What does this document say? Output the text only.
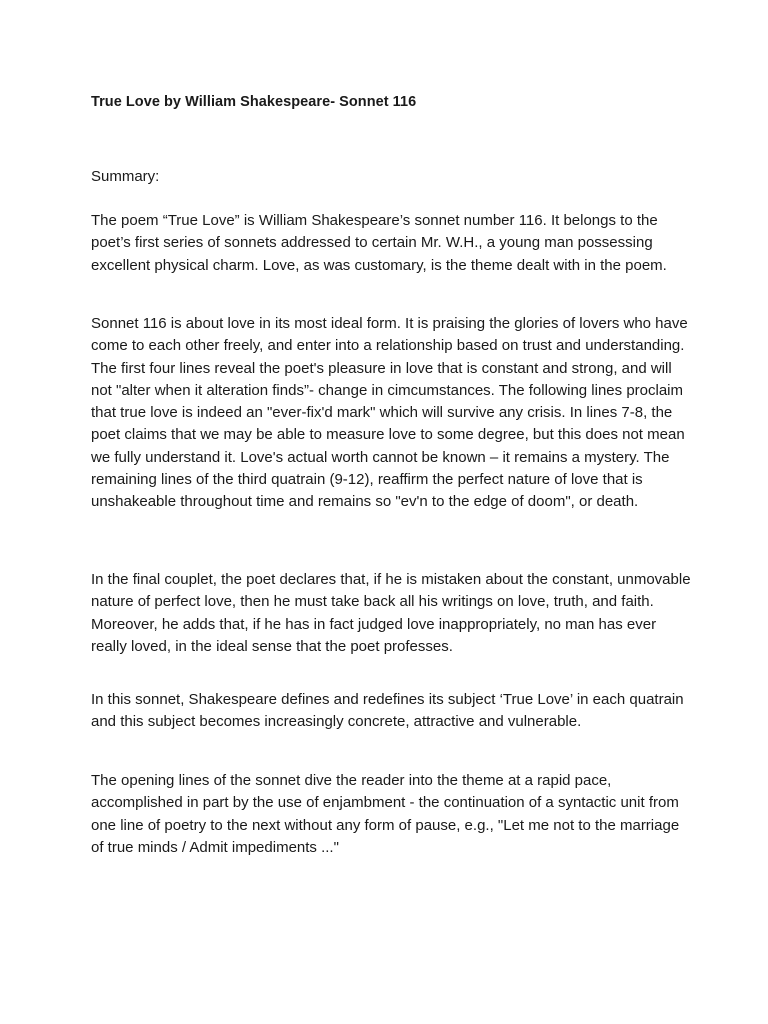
True Love by William Shakespeare- Sonnet 116

Summary:

The poem “True Love” is William Shakespeare’s sonnet number 116. It belongs to the poet’s first series of sonnets addressed to certain Mr. W.H., a young man possessing excellent physical charm. Love, as was customary, is the theme dealt with in the poem.

Sonnet 116 is about love in its most ideal form. It is praising the glories of lovers who have come to each other freely, and enter into a relationship based on trust and understanding. The first four lines reveal the poet's pleasure in love that is constant and strong, and will not "alter when it alteration finds”- change in cimcumstances. The following lines proclaim that true love is indeed an "ever-fix'd mark" which will survive any crisis. In lines 7-8, the poet claims that we may be able to measure love to some degree, but this does not mean we fully understand it. Love's actual worth cannot be known – it remains a mystery. The remaining lines of the third quatrain (9-12), reaffirm the perfect nature of love that is unshakeable throughout time and remains so "ev'n to the edge of doom", or death.

In the final couplet, the poet declares that, if he is mistaken about the constant, unmovable nature of perfect love, then he must take back all his writings on love, truth, and faith. Moreover, he adds that, if he has in fact judged love inappropriately, no man has ever really loved, in the ideal sense that the poet professes.

In this sonnet, Shakespeare defines and redefines its subject ‘True Love’ in each quatrain and this subject becomes increasingly concrete, attractive and vulnerable.

The opening lines of the sonnet dive the reader into the theme at a rapid pace, accomplished in part by the use of enjambment - the continuation of a syntactic unit from one line of poetry to the next without any form of pause, e.g., "Let me not to the marriage of true minds / Admit impediments ..."
